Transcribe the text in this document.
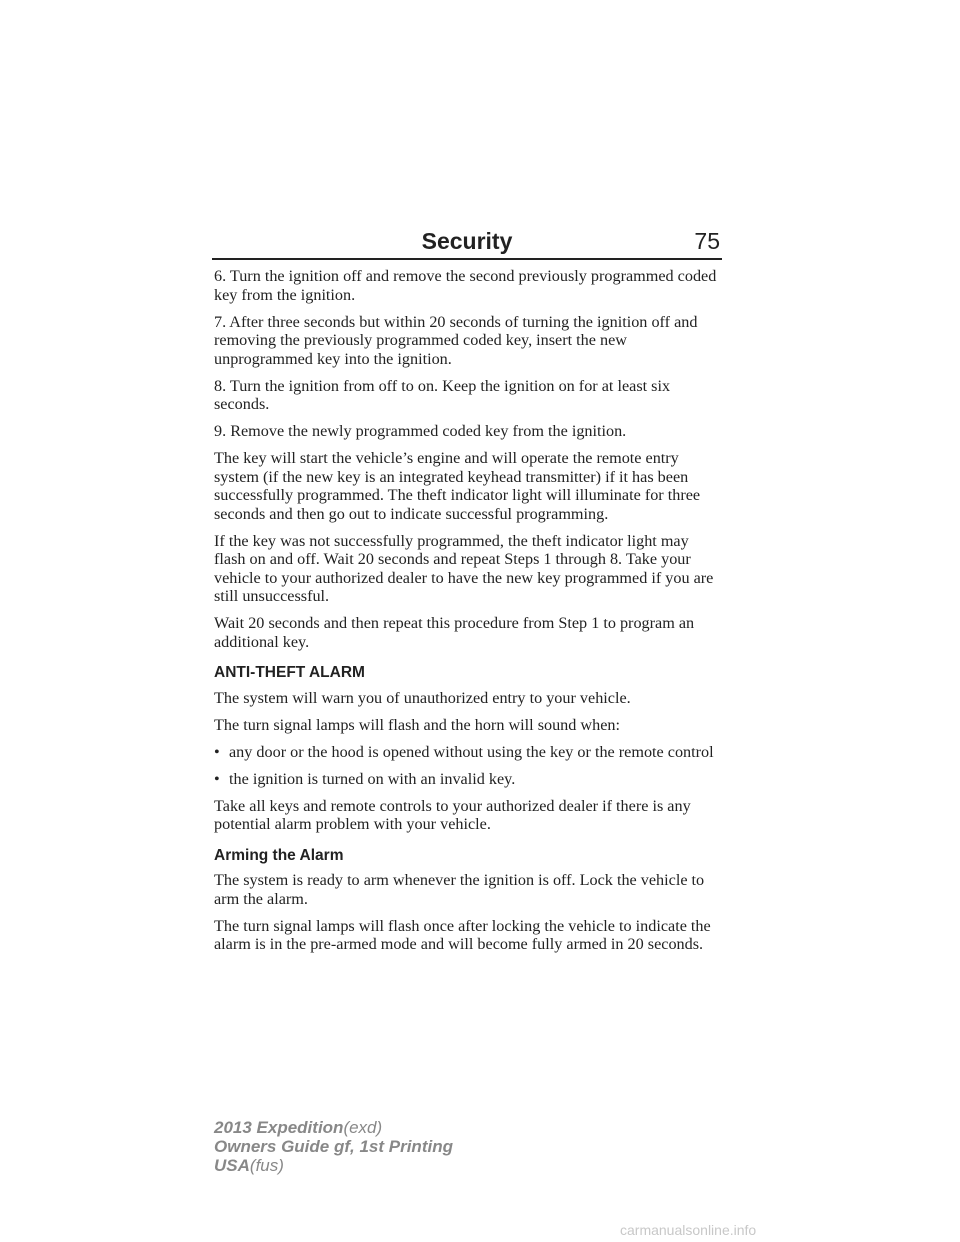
Security	75

6. Turn the ignition off and remove the second previously programmed coded key from the ignition.

7. After three seconds but within 20 seconds of turning the ignition off and removing the previously programmed coded key, insert the new unprogrammed key into the ignition.

8. Turn the ignition from off to on. Keep the ignition on for at least six seconds.

9. Remove the newly programmed coded key from the ignition.

The key will start the vehicle’s engine and will operate the remote entry system (if the new key is an integrated keyhead transmitter) if it has been successfully programmed. The theft indicator light will illuminate for three seconds and then go out to indicate successful programming.

If the key was not successfully programmed, the theft indicator light may flash on and off. Wait 20 seconds and repeat Steps 1 through 8. Take your vehicle to your authorized dealer to have the new key programmed if you are still unsuccessful.

Wait 20 seconds and then repeat this procedure from Step 1 to program an additional key.

ANTI-THEFT ALARM

The system will warn you of unauthorized entry to your vehicle.

The turn signal lamps will flash and the horn will sound when:

• any door or the hood is opened without using the key or the remote control
• the ignition is turned on with an invalid key.

Take all keys and remote controls to your authorized dealer if there is any potential alarm problem with your vehicle.

Arming the Alarm

The system is ready to arm whenever the ignition is off. Lock the vehicle to arm the alarm.

The turn signal lamps will flash once after locking the vehicle to indicate the alarm is in the pre-armed mode and will become fully armed in 20 seconds.

2013 Expedition(exd)
Owners Guide gf, 1st Printing
USA(fus)
carmanualsonline.info
